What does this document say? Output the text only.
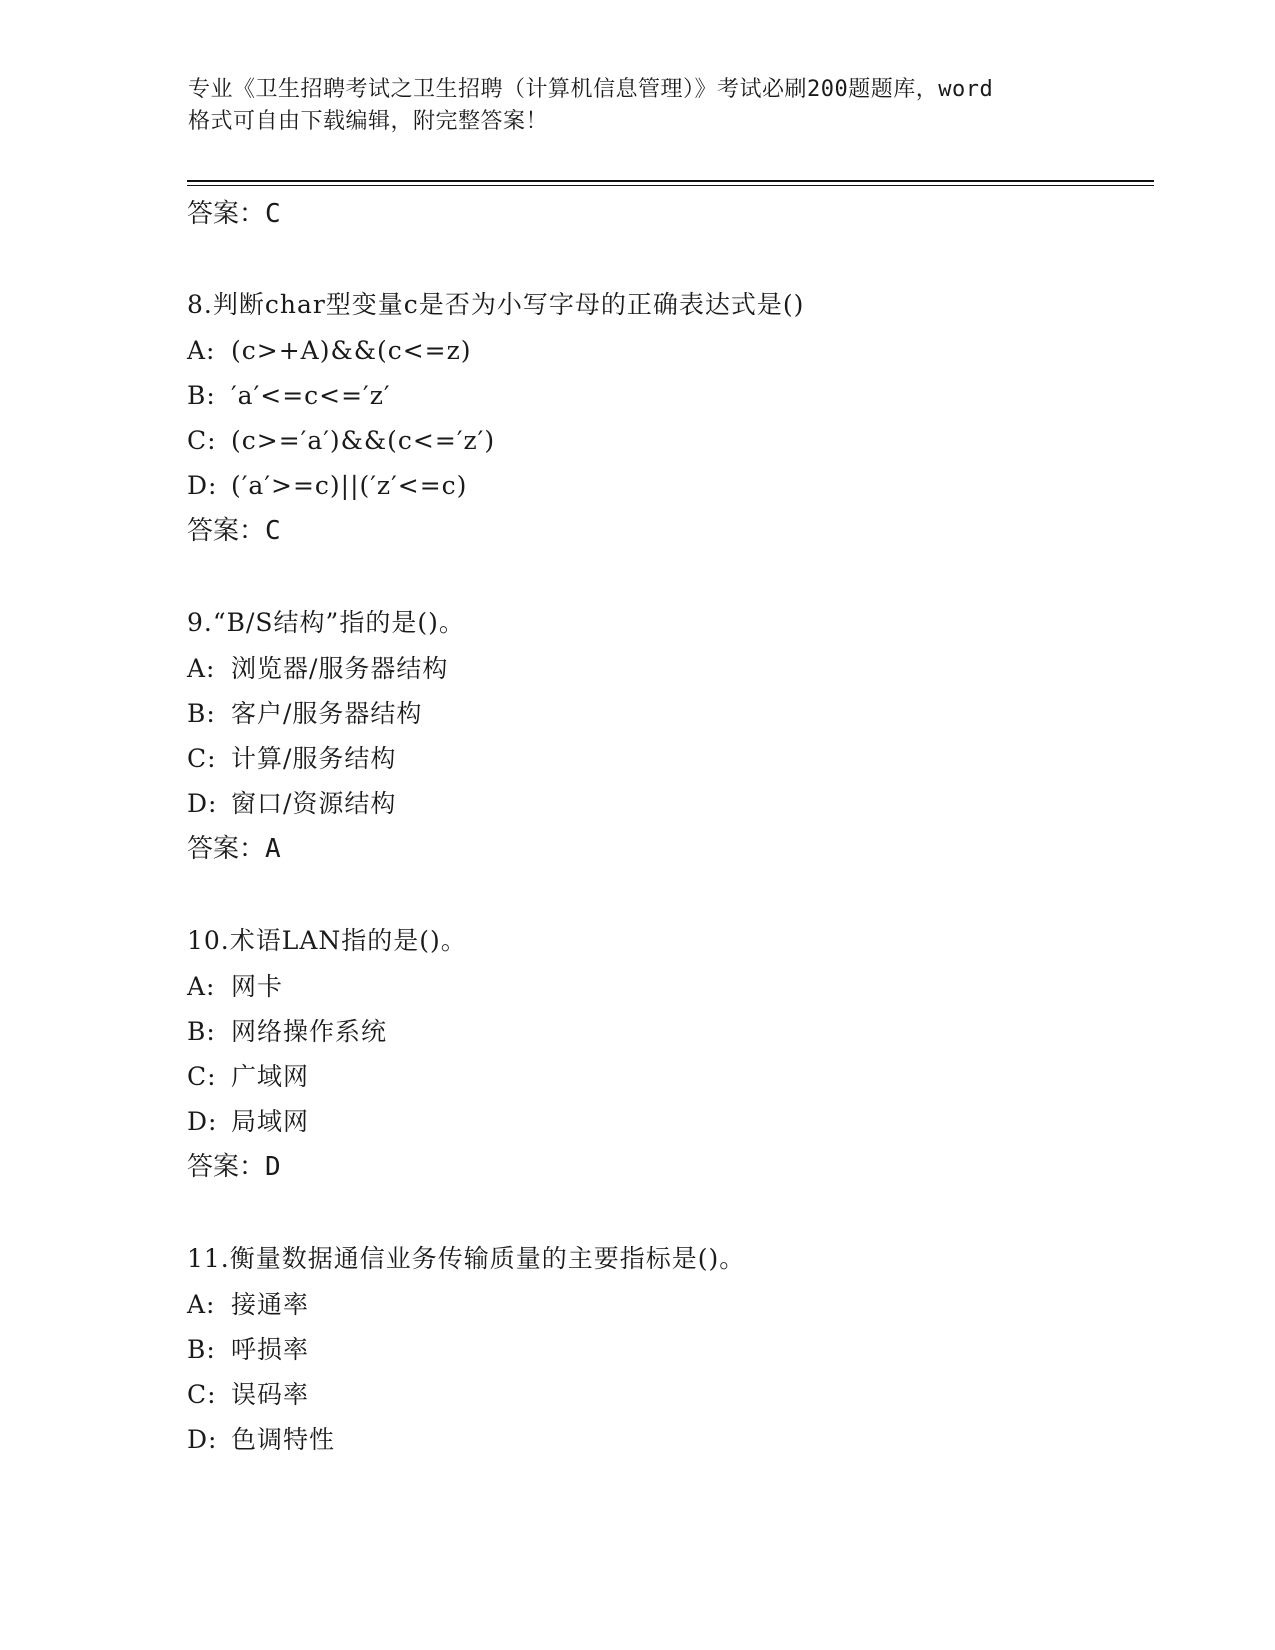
专业《卫生招聘考试之卫生招聘（计算机信息管理）》考试必刷200题题库，word
格式可自由下载编辑，附完整答案！
答案：C
8.判断char型变量c是否为小写字母的正确表达式是()
A: (c>+A)&&(c<=z)
B: ′a′<=c<=′z′
C: (c>=′a′)&&(c<=′z′)
D: (′a′>=c)||(′z′<=c)
答案：C
9.“B/S结构”指的是()。
A: 浏览器/服务器结构
B: 客户/服务器结构
C: 计算/服务结构
D: 窗口/资源结构
答案：A
10.术语LAN指的是()。
A: 网卡
B: 网络操作系统
C: 广域网
D: 局域网
答案：D
11.衡量数据通信业务传输质量的主要指标是()。
A: 接通率
B: 呼损率
C: 误码率
D: 色调特性
